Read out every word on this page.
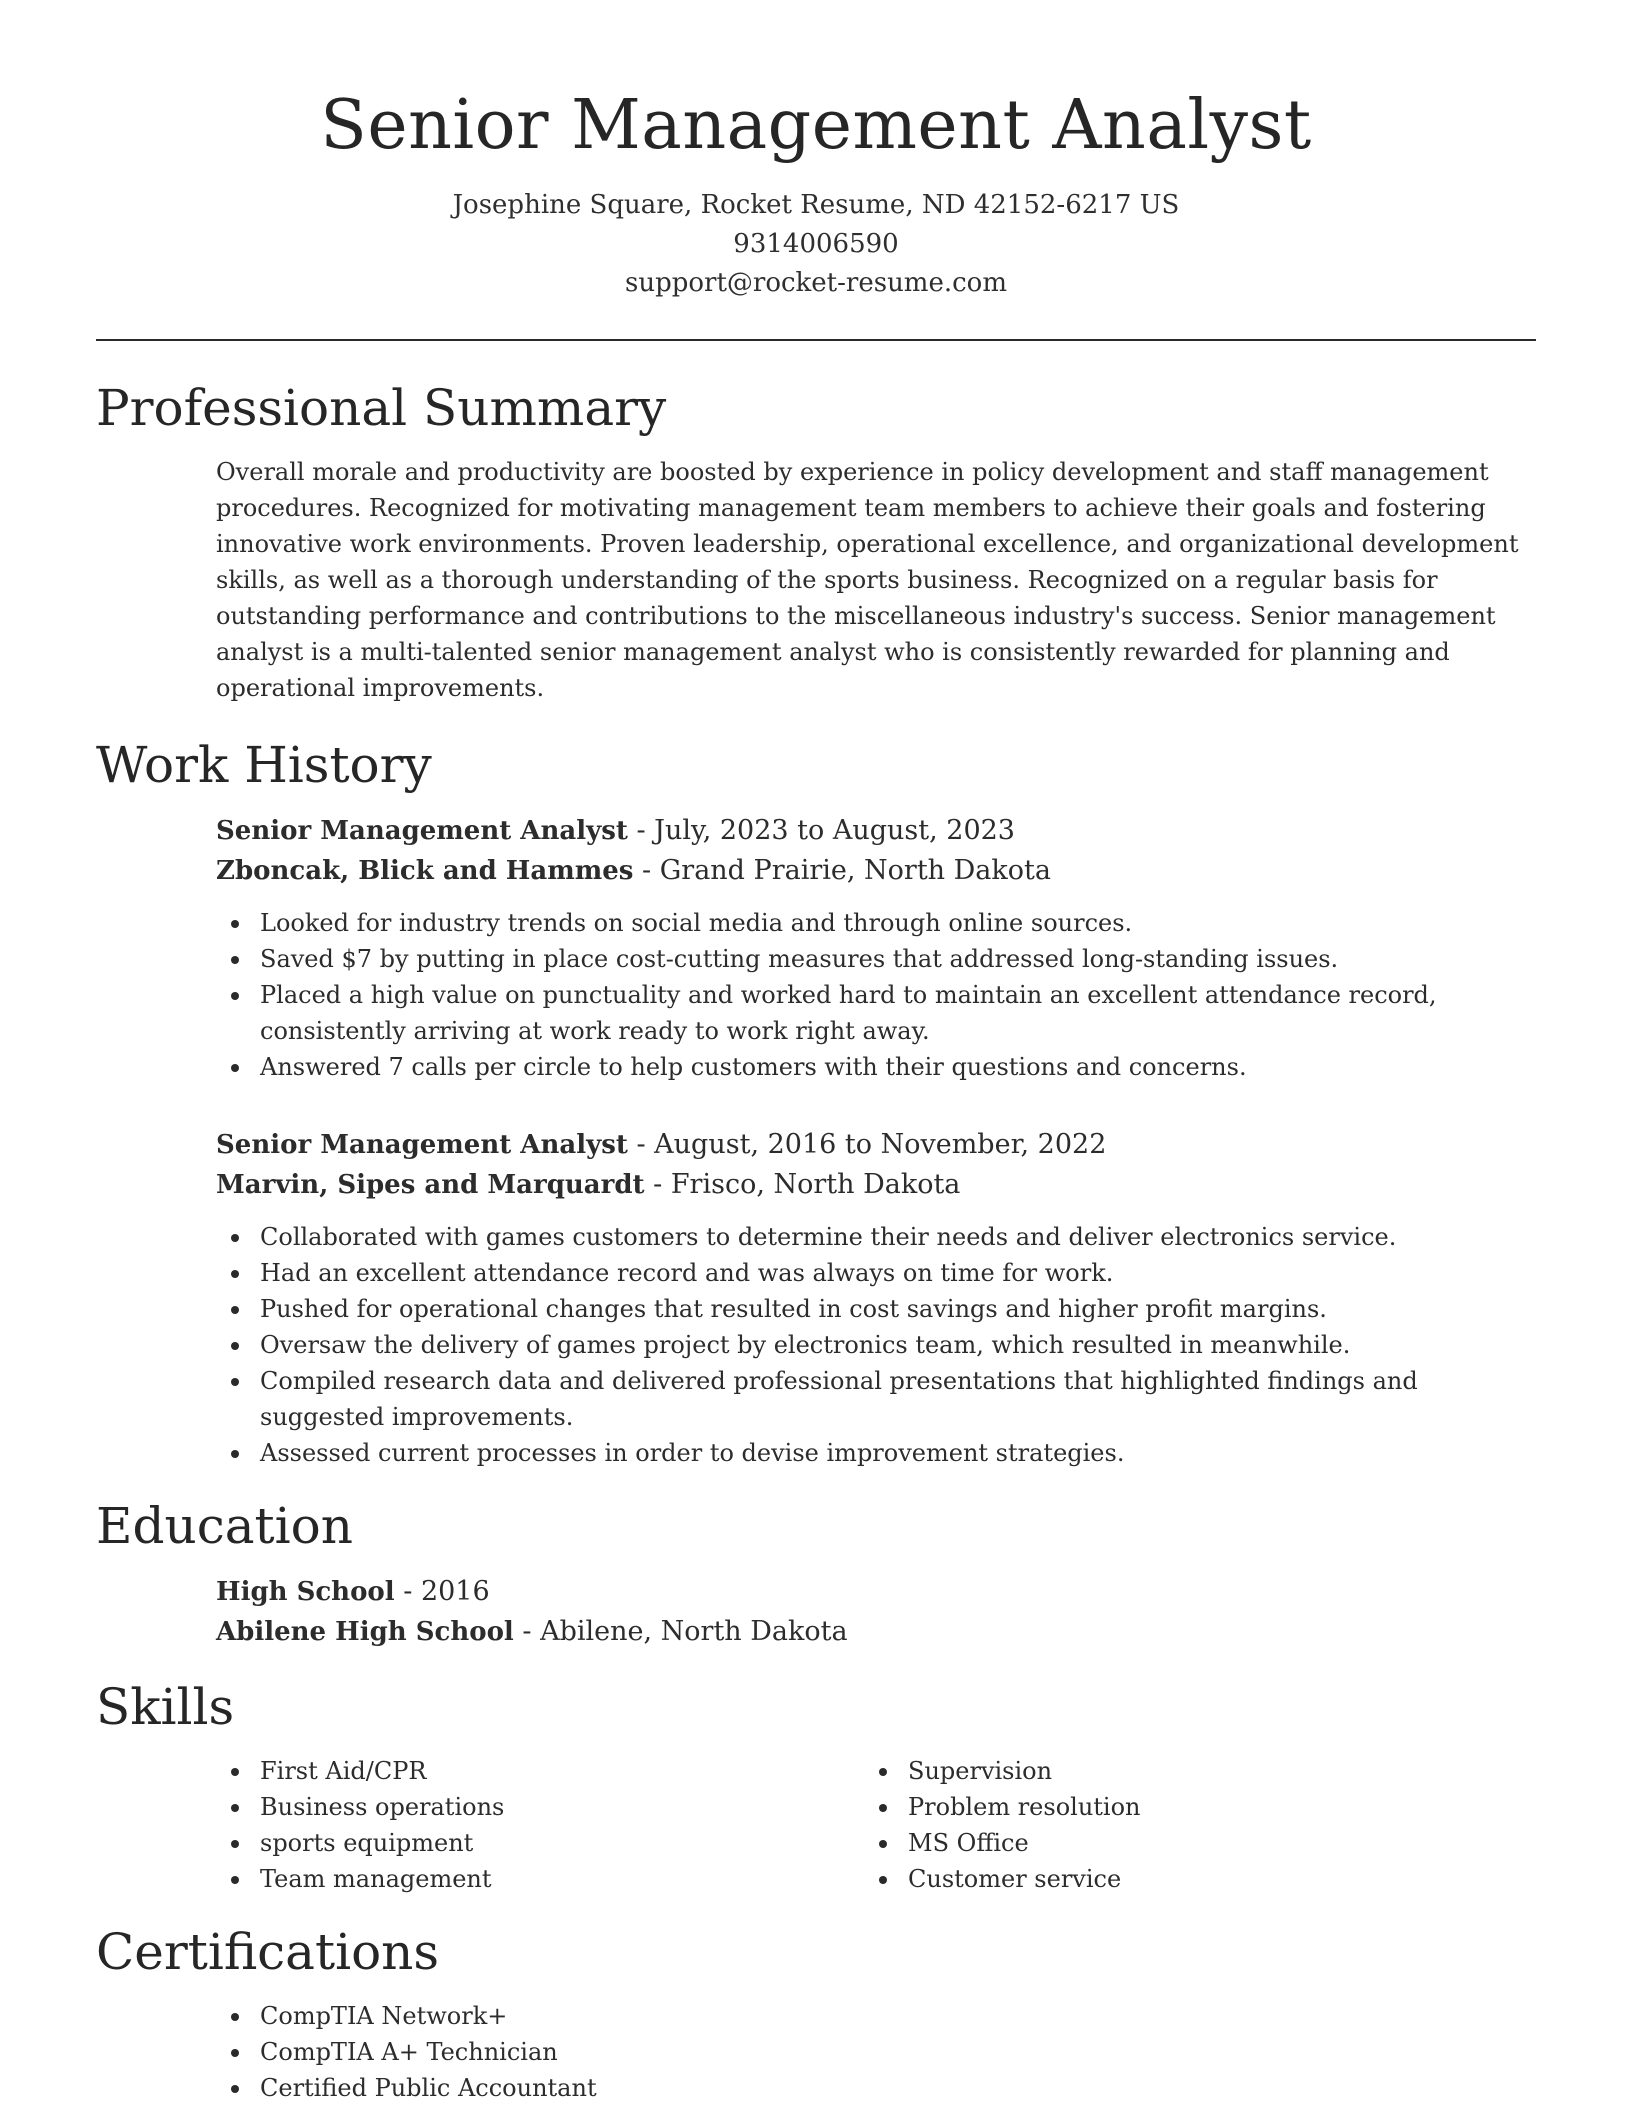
Senior Management Analyst

Josephine Square, Rocket Resume, ND 42152-6217 US

9314006590

support@rocket-resume.com

Professional Summary

Overall morale and productivity are boosted by experience in policy development and staff management procedures. Recognized for motivating management team members to achieve their goals and fostering innovative work environments. Proven leadership, operational excellence, and organizational development skills, as well as a thorough understanding of the sports business. Recognized on a regular basis for outstanding performance and contributions to the miscellaneous industry's success. Senior management analyst is a multi-talented senior management analyst who is consistently rewarded for planning and operational improvements.

Work History

Senior Management Analyst - July, 2023 to August, 2023

Zboncak, Blick and Hammes - Grand Prairie, North Dakota

Looked for industry trends on social media and through online sources.
Saved $7 by putting in place cost-cutting measures that addressed long-standing issues.
Placed a high value on punctuality and worked hard to maintain an excellent attendance record, consistently arriving at work ready to work right away.
Answered 7 calls per circle to help customers with their questions and concerns.

Senior Management Analyst - August, 2016 to November, 2022

Marvin, Sipes and Marquardt - Frisco, North Dakota

Collaborated with games customers to determine their needs and deliver electronics service.
Had an excellent attendance record and was always on time for work.
Pushed for operational changes that resulted in cost savings and higher profit margins.
Oversaw the delivery of games project by electronics team, which resulted in meanwhile.
Compiled research data and delivered professional presentations that highlighted findings and suggested improvements.
Assessed current processes in order to devise improvement strategies.
Education

High School - 2016

Abilene High School - Abilene, North Dakota

Skills
First Aid/CPR
Business operations
sports equipment
Team management
Supervision
Problem resolution
MS Office
Customer service
Certifications
CompTIA Network+
CompTIA A+ Technician
Certified Public Accountant
